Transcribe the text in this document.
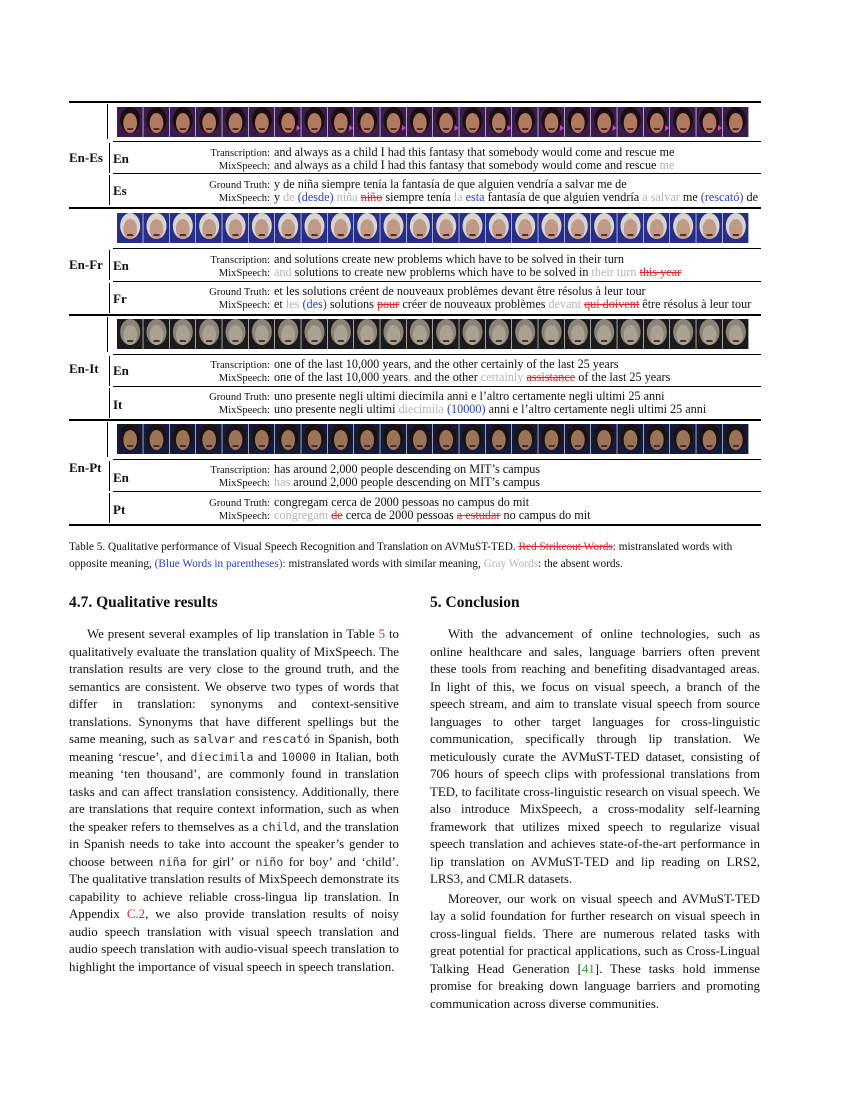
En-Es En	Transcription: and always as a child I had this fantasy that somebody would come and rescue me
MixSpeech: and always as a child I had this fantasy that somebody would come and rescue me
Es	Ground Truth: y de niña siempre tenía la fantasía de que alguien vendría a salvar me de
MixSpeech: y de (desde) niña niño siempre tenía la esta fantasía de que alguien vendría a salvar me (rescató) de
En-Fr En	Transcription: and solutions create new problems which have to be solved in their turn
MixSpeech: and solutions to create new problems which have to be solved in their turn this year
Fr	Ground Truth: et les solutions créent de nouveaux problèmes devant être résolus à leur tour
MixSpeech: et les (des) solutions pour créer de nouveaux problèmes devant qui doivent être résolus à leur tour
En-It En	Transcription: one of the last 10,000 years, and the other certainly of the last 25 years
MixSpeech: one of the last 10,000 years, and the other certainly assistance of the last 25 years
It	Ground Truth: uno presente negli ultimi diecimila anni e l’altro certamente negli ultimi 25 anni
MixSpeech: uno presente negli ultimi diecimila (10000) anni e l’altro certamente negli ultimi 25 anni
En-Pt
En	Transcription: has around 2,000 people descending on MIT’s campus
MixSpeech: has around 2,000 people descending on MIT’s campus
Pt	Ground Truth: congregam cerca de 2000 pessoas no campus do mit
MixSpeech: congregam de cerca de 2000 pessoas a estudar no campus do mit
Table 5. Qualitative performance of Visual Speech Recognition and Translation on AVMuST-TED. Red Strikeout Words: mistranslated words with opposite meaning, (Blue Words in parentheses): mistranslated words with similar meaning, Gray Words: the absent words.
4.7. Qualitative results

We present several examples of lip translation in Table 5 to qualitatively evaluate the translation quality of MixSpeech. The translation results are very close to the ground truth, and the semantics are consistent. We observe two types of words that differ in translation: synonyms and context-sensitive translations. Synonyms that have different spellings but the same meaning, such as salvar and rescató in Spanish, both meaning ‘rescue’, and diecimila and 10000 in Italian, both meaning ‘ten thousand’, are commonly found in translation tasks and can affect translation consistency. Additionally, there are translations that require context information, such as when the speaker refers to themselves as a child, and the translation in Spanish needs to take into account the speaker’s gender to choose between niña for girl’ or niño for boy’ and ‘child’. The qualitative translation results of MixSpeech demonstrate its capability to achieve reliable cross-lingua lip translation. In Appendix C.2, we also provide translation results of noisy audio speech translation with visual speech translation and audio speech translation with audio-visual speech translation to highlight the importance of visual speech in speech translation.

5. Conclusion

With the advancement of online technologies, such as online healthcare and sales, language barriers often prevent these tools from reaching and benefiting disadvantaged areas. In light of this, we focus on visual speech, a branch of the speech stream, and aim to translate visual speech from source languages to other target languages for cross-linguistic communication, specifically through lip translation. We meticulously curate the AVMuST-TED dataset, consisting of 706 hours of speech clips with professional translations from TED, to facilitate cross-linguistic research on visual speech. We also introduce MixSpeech, a cross-modality self-learning framework that utilizes mixed speech to regularize visual speech translation and achieves state-of-the-art performance in lip translation on AVMuST-TED and lip reading on LRS2, LRS3, and CMLR datasets.

Moreover, our work on visual speech and AVMuST-TED lay a solid foundation for further research on visual speech in cross-lingual fields. There are numerous related tasks with great potential for practical applications, such as Cross-Lingual Talking Head Generation [41]. These tasks hold immense promise for breaking down language barriers and promoting communication across diverse communities.
